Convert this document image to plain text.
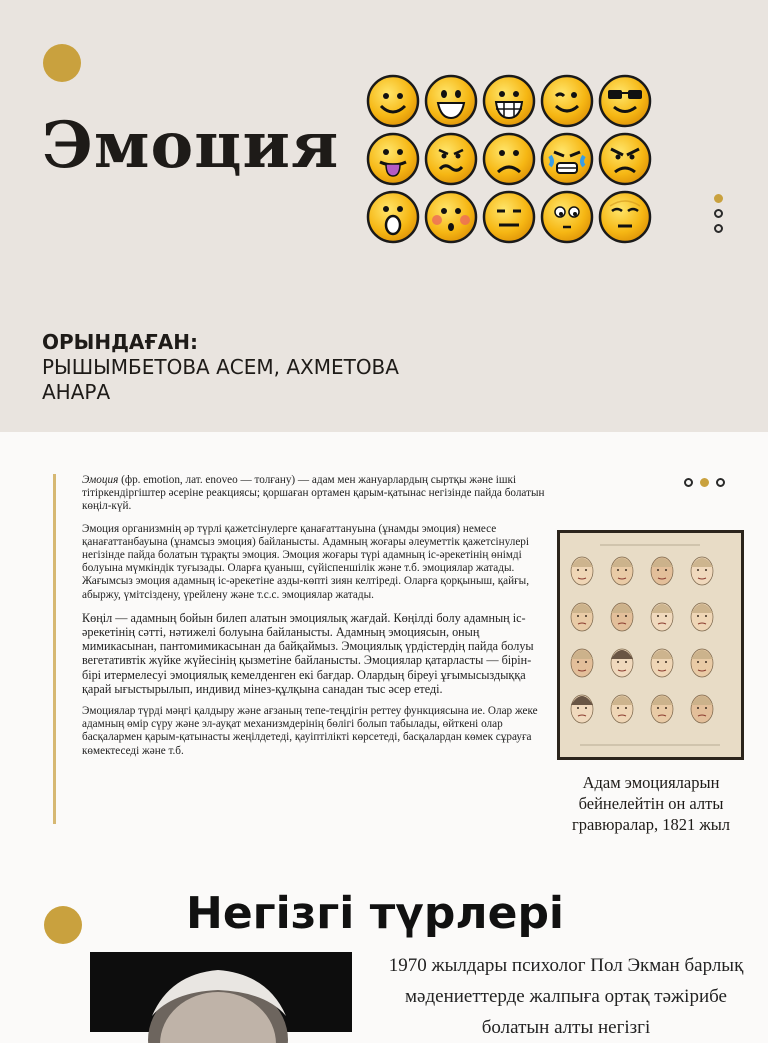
Эмоция
ОРЫНДАҒАН:
РЫШЫМБЕТОВА АСЕМ, АХМЕТОВА АНАРА

Эмоция (фр. emotion, лат. enoveo — толғану) — адам мен жануарлардың сыртқы және ішкі тітіркендіргіштер әсеріне реакциясы; қоршаған ортамен қарым-қатынас негізінде пайда болатын көңіл-күй.

Эмоция организмнің әр түрлі қажетсінулерге қанағаттануына (ұнамды эмоция) немесе қанағаттанбауына (ұнамсыз эмоция) байланысты. Адамның жоғары әлеуметтік қажетсінулері негізінде пайда болатын тұрақты эмоция. Эмоция жоғары түрі адамның іс-әрекетінің өнімді болуына мүмкіндік туғызады. Оларға қуаныш, сүйіспеншілік және т.б. эмоциялар жатады. Жағымсыз эмоция адамның іс-әрекетіне азды-көпті зиян келтіреді. Оларға қорқыныш, қайғы, абыржу, үмітсіздену, үрейлену және т.с.с. эмоциялар жатады.

Көңіл — адамның бойын билеп алатын эмоциялық жағдай. Көңілді болу адамның іс-әрекетінің сәтті, нәтижелі болуына байланысты. Адамның эмоциясын, оның мимикасынан, пантомимикасынан да байқаймыз. Эмоциялық үрдістердің пайда болуы вегетативтік жүйке жүйесінің қызметіне байланысты. Эмоциялар қатарласты — бірін-бірі итермелесуі эмоциялық кемелденген екі бағдар. Олардың біреуі ұғымысыздыққа қарай ығыстырылып, индивид мінез-құлқына санадан тыс әсер етеді.

Эмоциялар түрді мәңгі қалдыру және ағзаның тепе-теңдігін реттеу функциясына ие. Олар жеке адамның өмір сүру және эл-ауқат механизмдерінің бөлігі болып табылады, өйткені олар басқалармен қарым-қатынасты жеңілдетеді, қауіптілікті көрсетеді, басқалардан көмек сұрауға көмектеседі және т.б.

Адам эмоцияларын бейнелейтін он алты гравюралар, 1821 жыл
Негізгі түрлері
1970 жылдары психолог Пол Экман барлық мәдениеттерде жалпыға ортақ тәжірибе болатын алты негізгі
